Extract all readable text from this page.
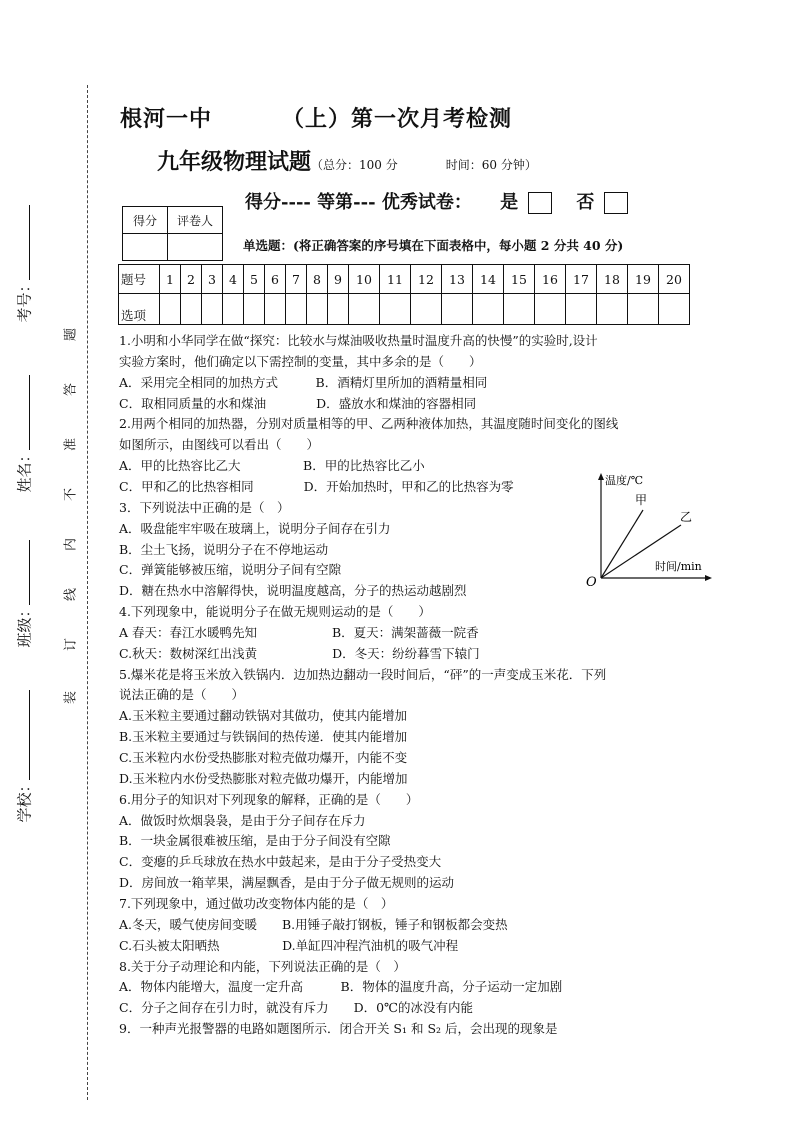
考号：
姓名：
班级：
学校：
题
答
准
不
内
线
订
装
根河一中	（上）第一次月考检测
九年级物理试题（总分：100 分	时间：60 分钟）
得分---- 等第--- 优秀试卷： 是	否
得分	评卷人

单选题：(将正确答案的序号填在下面表格中，每小题 2 分共 40 分)
题号	1	2	3	4	5	6	7	8	9	10	11	12	13	14	15	16	17	18	19	20
选项																				
1.小明和小华同学在做“探究：比较水与煤油吸收热量时温度升高的快慢”的实验时,设计
实验方案时，他们确定以下需控制的变量，其中多余的是（　　）
A．采用完全相同的加热方式　　　B．酒精灯里所加的酒精量相同
C．取相同质量的水和煤油　　　　D．盛放水和煤油的容器相同
2.用两个相同的加热器，分别对质量相等的甲、乙两种液体加热，其温度随时间变化的图线
如图所示，由图线可以看出（　　）
A．甲的比热容比乙大　　　　　B．甲的比热容比乙小
C．甲和乙的比热容相同　　　　D．开始加热时，甲和乙的比热容为零
3．下列说法中正确的是（　）
A．吸盘能牢牢吸在玻璃上，说明分子间存在引力
B．尘土飞扬，说明分子在不停地运动
C．弹簧能够被压缩，说明分子间有空隙
D．糖在热水中溶解得快，说明温度越高，分子的热运动越剧烈
4.下列现象中，能说明分子在做无规则运动的是（　　）
A 春天：春江水暖鸭先知　　　　　　B．夏天：满架蔷薇一院香
C.秋天：数树深红出浅黄　　　　　　D．冬天：纷纷暮雪下辕门
5.爆米花是将玉米放入铁锅内．边加热边翻动一段时间后，“砰”的一声变成玉米花．下列
说法正确的是（　　）
A.玉米粒主要通过翻动铁锅对其做功，使其内能增加
B.玉米粒主要通过与铁锅间的热传递．使其内能增加
C.玉米粒内水份受热膨胀对粒壳做功爆开，内能不变
D.玉米粒内水份受热膨胀对粒壳做功爆开，内能增加
6.用分子的知识对下列现象的解释，正确的是（　　）
A．做饭时炊烟袅袅，是由于分子间存在斥力
B．一块金属很难被压缩，是由于分子间没有空隙
C．变瘪的乒乓球放在热水中鼓起来，是由于分子受热变大
D．房间放一箱苹果，满屋飘香，是由于分子做无规则的运动
7.下列现象中，通过做功改变物体内能的是（　）
A.冬天，暖气使房间变暖　　B.用锤子敲打钢板，锤子和钢板都会变热
C.石头被太阳晒热　　　　　D.单缸四冲程汽油机的吸气冲程
8.关于分子动理论和内能，下列说法正确的是（　）
A．物体内能增大，温度一定升高　　　B．物体的温度升高，分子运动一定加剧
C．分子之间存在引力时，就没有斥力　　D．0℃的冰没有内能
9．一种声光报警器的电路如题图所示．闭合开关 S₁ 和 S₂ 后，会出现的现象是
温度/℃
时间/min
O
甲
乙
